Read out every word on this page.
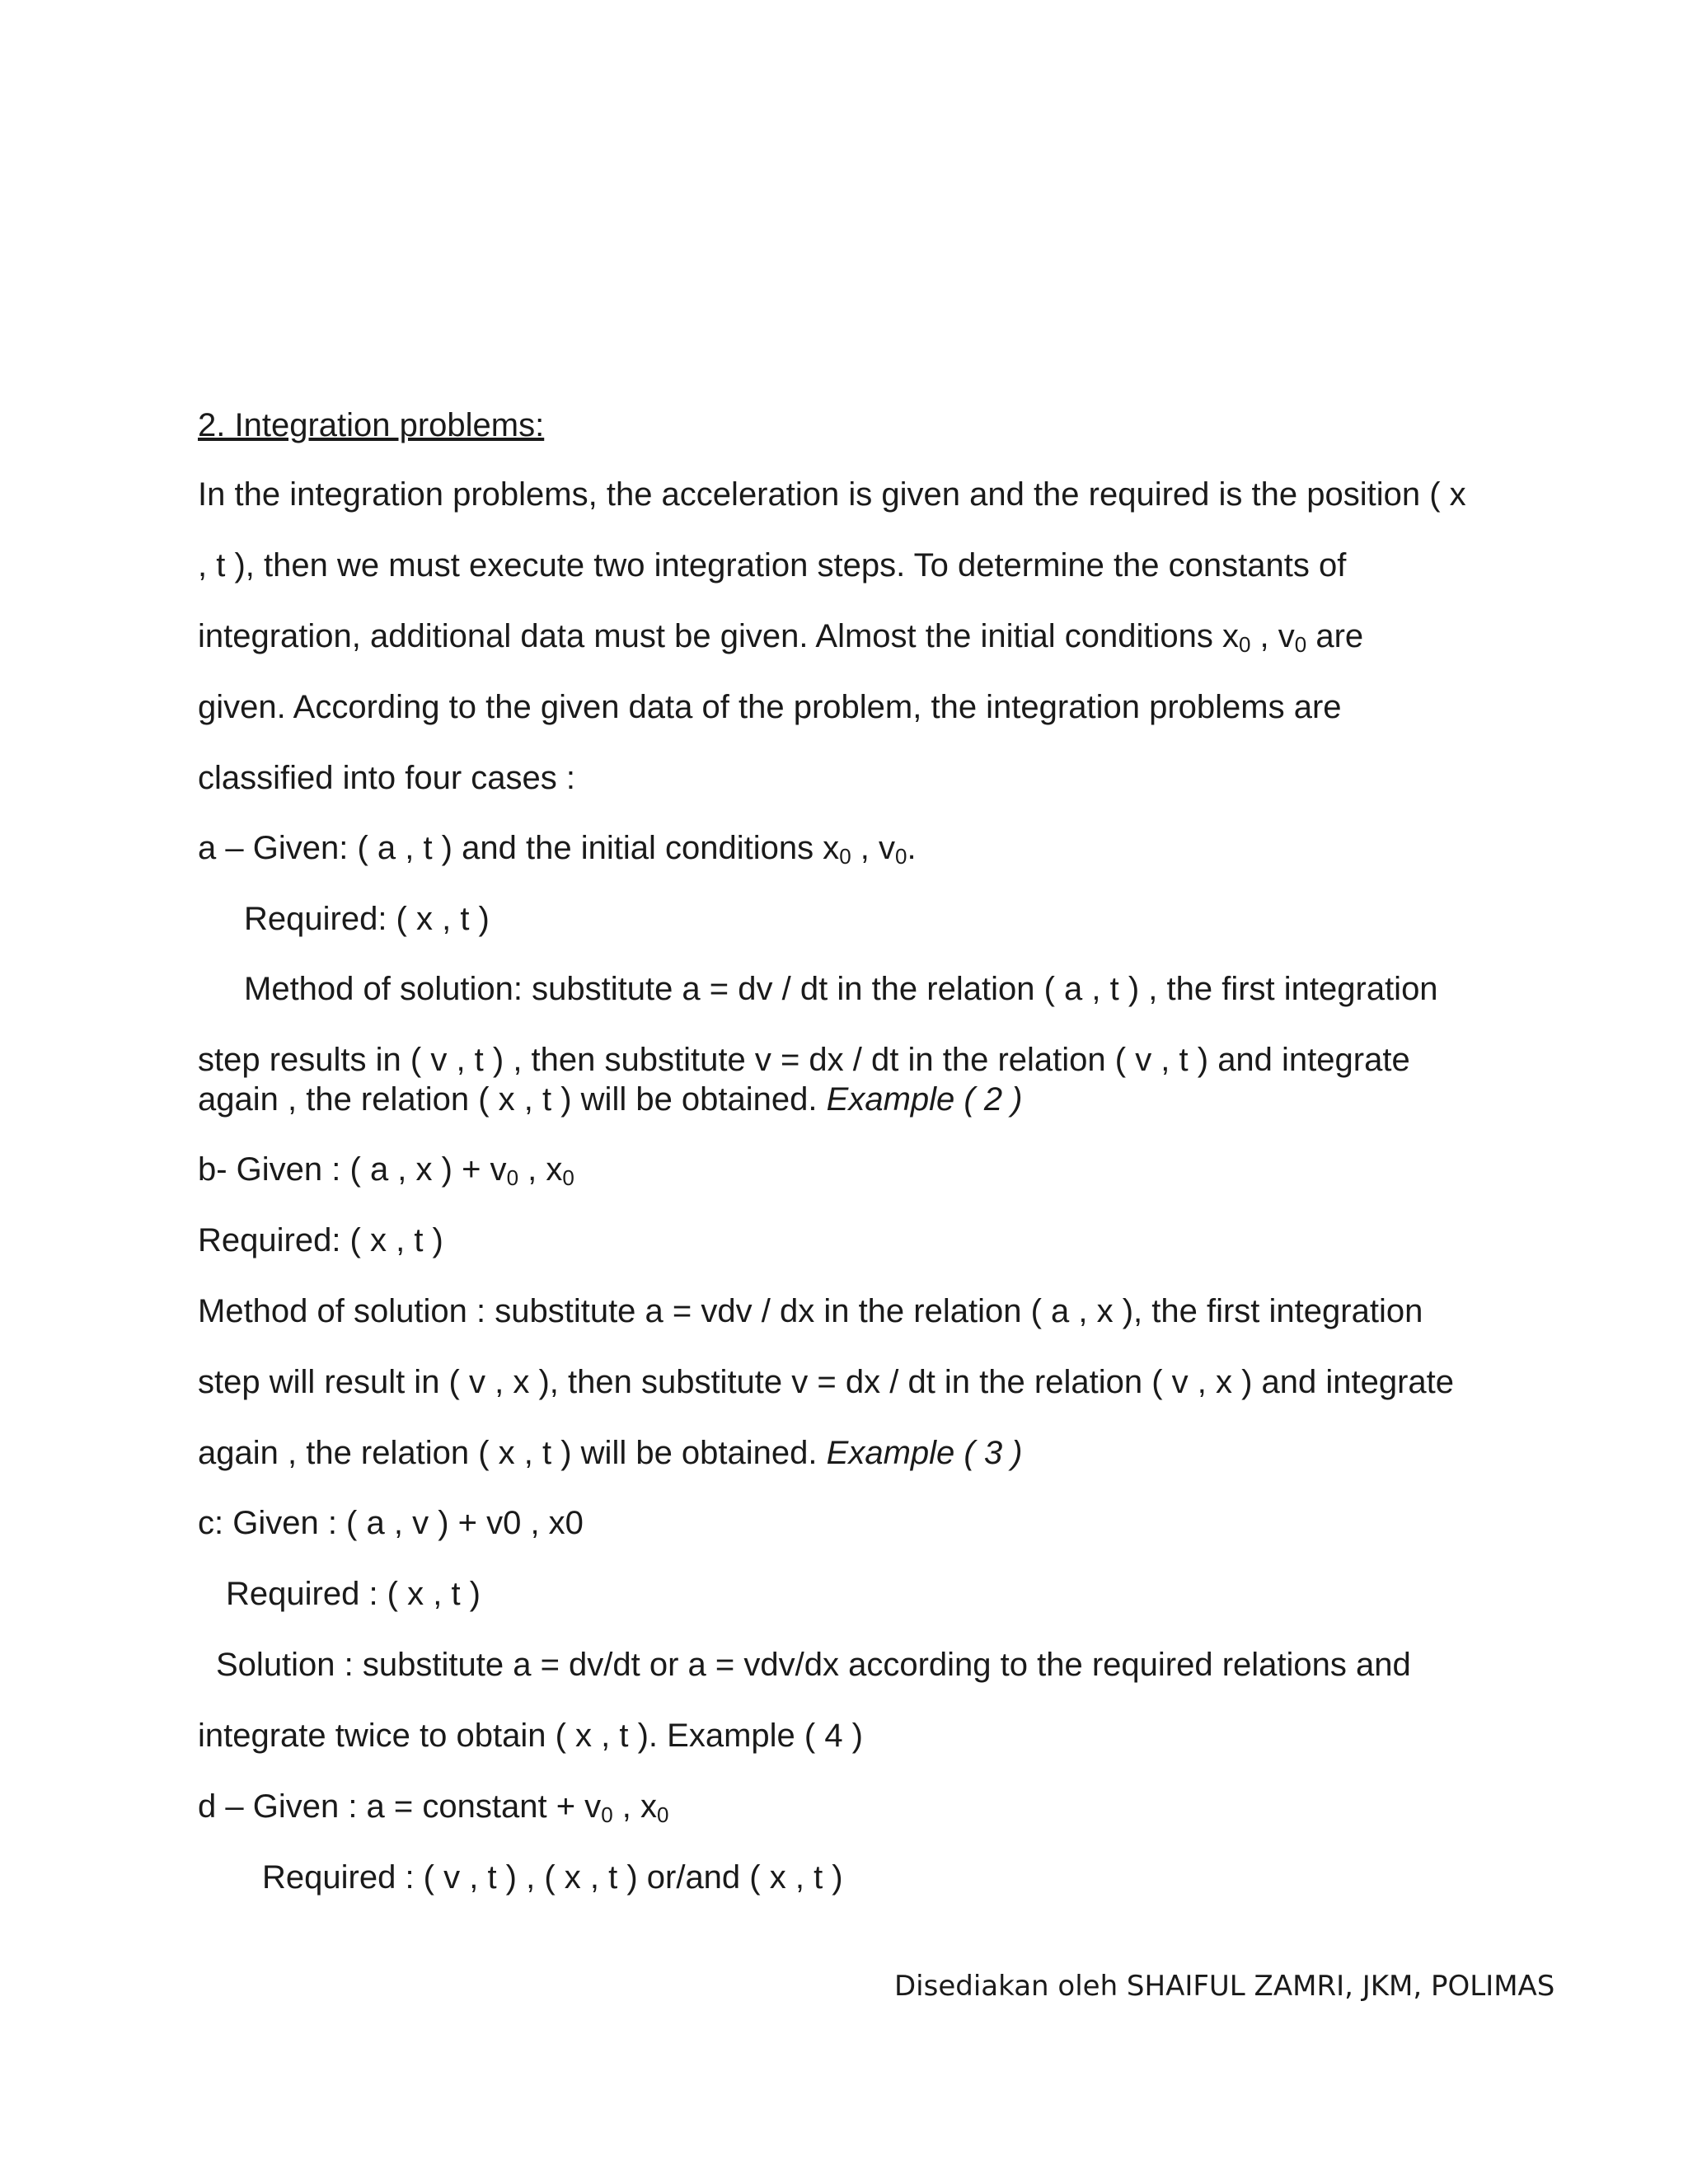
2. Integration problems:

In the integration problems, the acceleration is given and the required is the position ( x

, t ), then we must execute two integration steps. To determine the constants of

integration, additional data must be given. Almost the initial conditions $x_0$ , $v_0$ are

given. According to the given data of the problem, the integration problems are

classified into four cases :

a – Given: ( a , t ) and the initial conditions $x_0$ , $v_0$.

Required: ( x , t )

Method of solution: substitute a = dv / dt in the relation ( a , t ) , the first integration

step results in ( v , t ) , then substitute v = dx / dt in the relation ( v , t ) and integrate

again , the relation ( x , t ) will be obtained. Example ( 2 )

b- Given : ( a , x ) + $v_0$ , $x_0$

Required: ( x , t )

Method of solution : substitute a = vdv / dx in the relation ( a , x ), the first integration

step will result in ( v , x ), then substitute v = dx / dt in the relation ( v , x ) and integrate

again , the relation ( x , t ) will be obtained. Example ( 3 )

c: Given : ( a , v ) + v0 , x0

Required : ( x , t )

Solution : substitute a = dv/dt or a = vdv/dx according to the required relations and

integrate twice to obtain ( x , t ). Example ( 4 )

d – Given : a = constant + $v_0$ , $x_0$

Required : ( v , t ) , ( x , t ) or/and ( x , t )

Disediakan oleh SHAIFUL ZAMRI, JKM, POLIMAS
